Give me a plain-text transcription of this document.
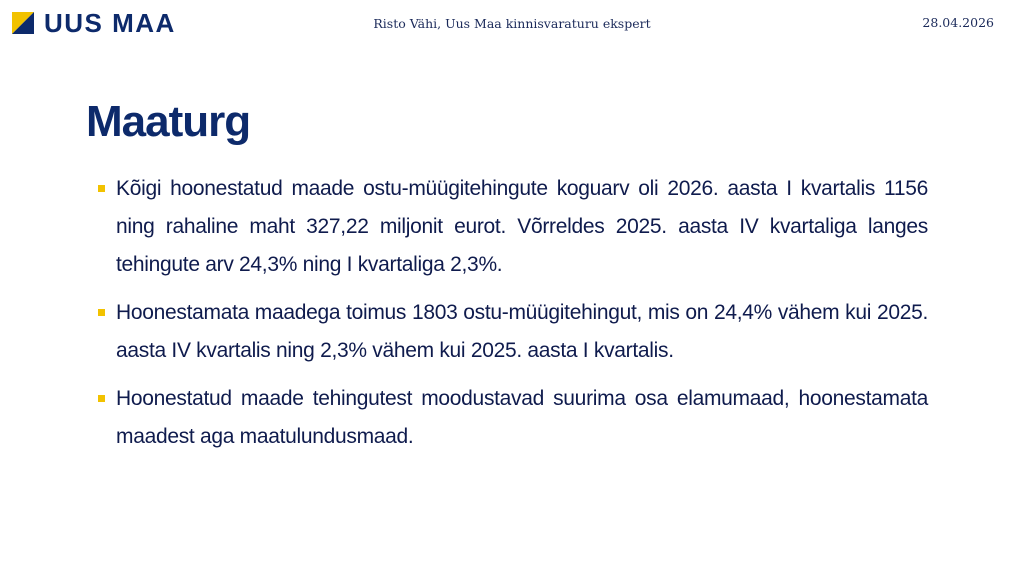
UUS MAA	Risto Vähi, Uus Maa kinnisvaraturu ekspert	28.04.2026
Maaturg
Kõigi hoonestatud maade ostu-müügitehingute koguarv oli 2026. aasta I kvartalis 1156 ning rahaline maht 327,22 miljonit eurot. Võrreldes 2025. aasta IV kvartaliga langes tehingute arv 24,3% ning I kvartaliga 2,3%.
Hoonestamata maadega toimus 1803 ostu-müügitehingut, mis on 24,4% vähem kui 2025. aasta IV kvartalis ning 2,3% vähem kui 2025. aasta I kvartalis.
Hoonestatud maade tehingutest moodustavad suurima osa elamumaad, hoonestamata maadest aga maatulundusmaad.
